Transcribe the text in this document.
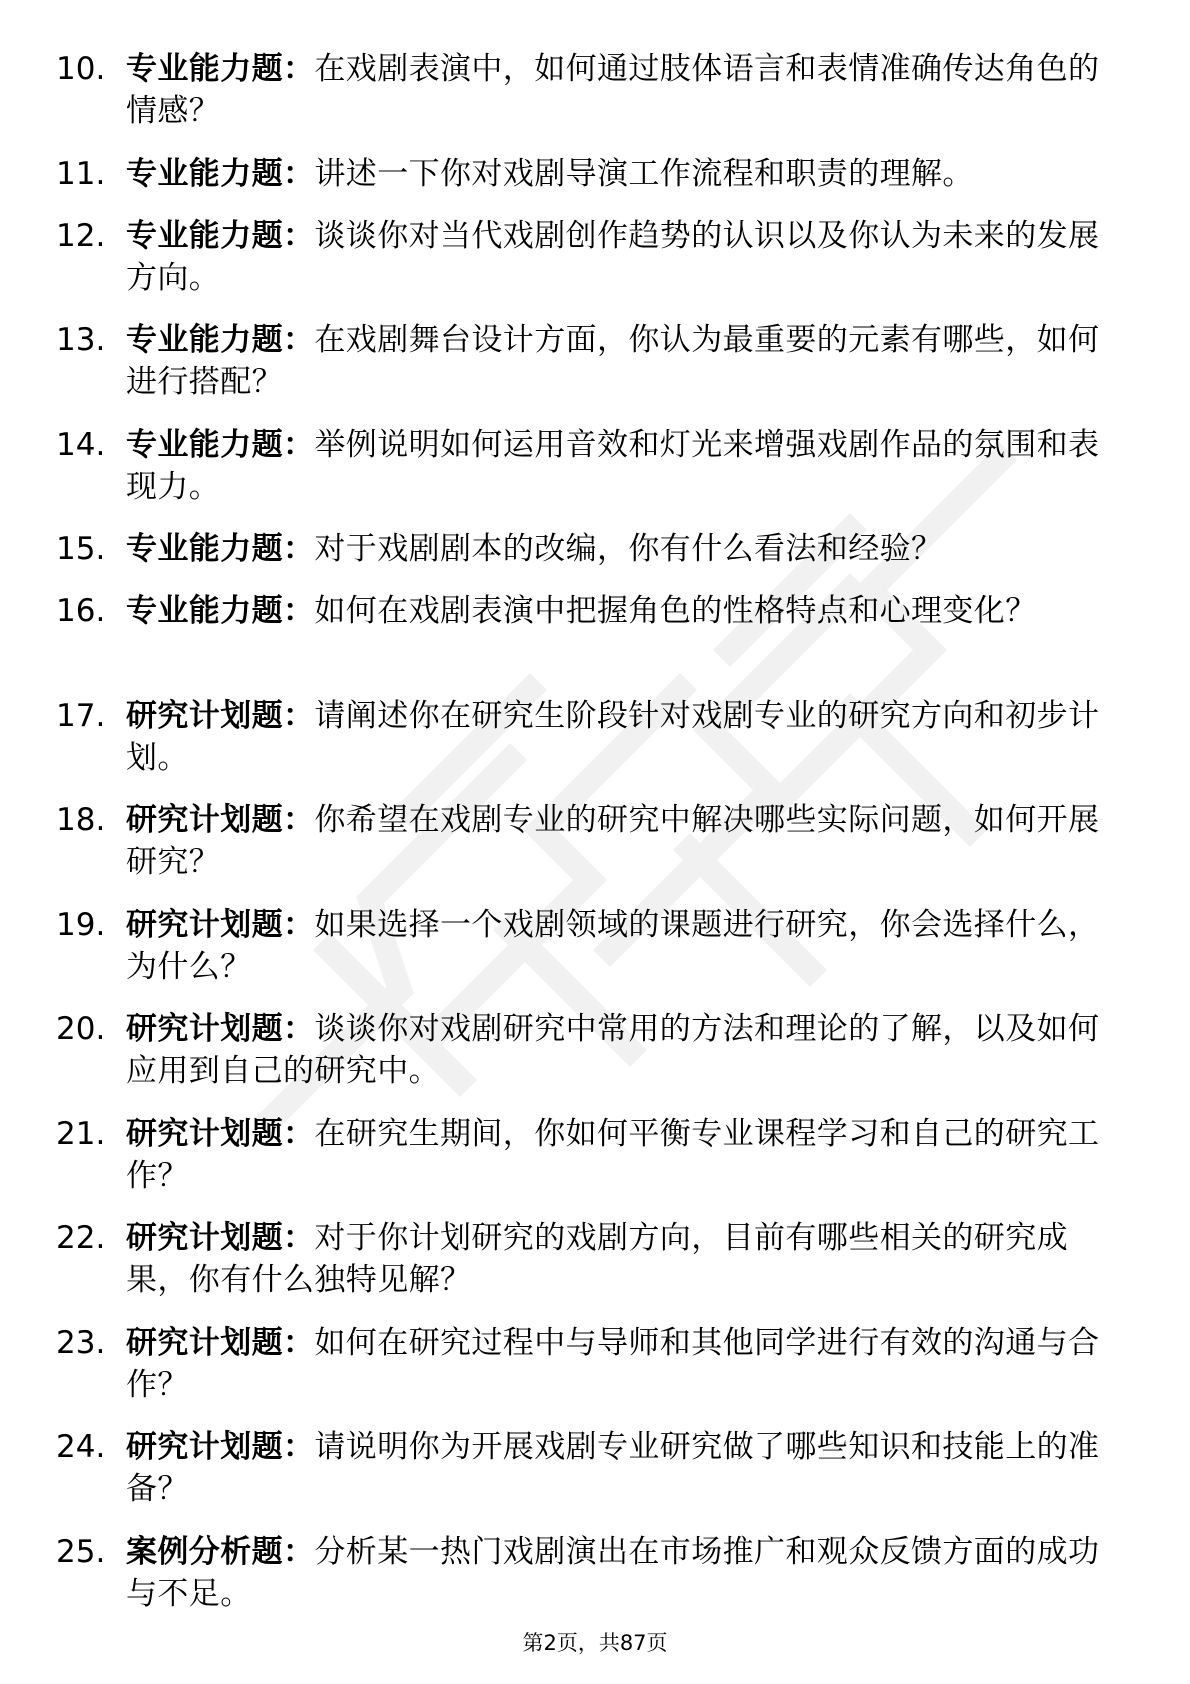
10. 专业能力题：在戏剧表演中，如何通过肢体语言和表情准确传达角色的情感？
11. 专业能力题：讲述一下你对戏剧导演工作流程和职责的理解。
12. 专业能力题：谈谈你对当代戏剧创作趋势的认识以及你认为未来的发展方向。
13. 专业能力题：在戏剧舞台设计方面，你认为最重要的元素有哪些，如何进行搭配？
14. 专业能力题：举例说明如何运用音效和灯光来增强戏剧作品的氛围和表现力。
15. 专业能力题：对于戏剧剧本的改编，你有什么看法和经验？
16. 专业能力题：如何在戏剧表演中把握角色的性格特点和心理变化？
17. 研究计划题：请阐述你在研究生阶段针对戏剧专业的研究方向和初步计划。
18. 研究计划题：你希望在戏剧专业的研究中解决哪些实际问题，如何开展研究？
19. 研究计划题：如果选择一个戏剧领域的课题进行研究，你会选择什么，为什么？
20. 研究计划题：谈谈你对戏剧研究中常用的方法和理论的了解，以及如何应用到自己的研究中。
21. 研究计划题：在研究生期间，你如何平衡专业课程学习和自己的研究工作？
22. 研究计划题：对于你计划研究的戏剧方向，目前有哪些相关的研究成果，你有什么独特见解？
23. 研究计划题：如何在研究过程中与导师和其他同学进行有效的沟通与合作？
24. 研究计划题：请说明你为开展戏剧专业研究做了哪些知识和技能上的准备？
25. 案例分析题：分析某一热门戏剧演出在市场推广和观众反馈方面的成功与不足。
第2页，共87页
